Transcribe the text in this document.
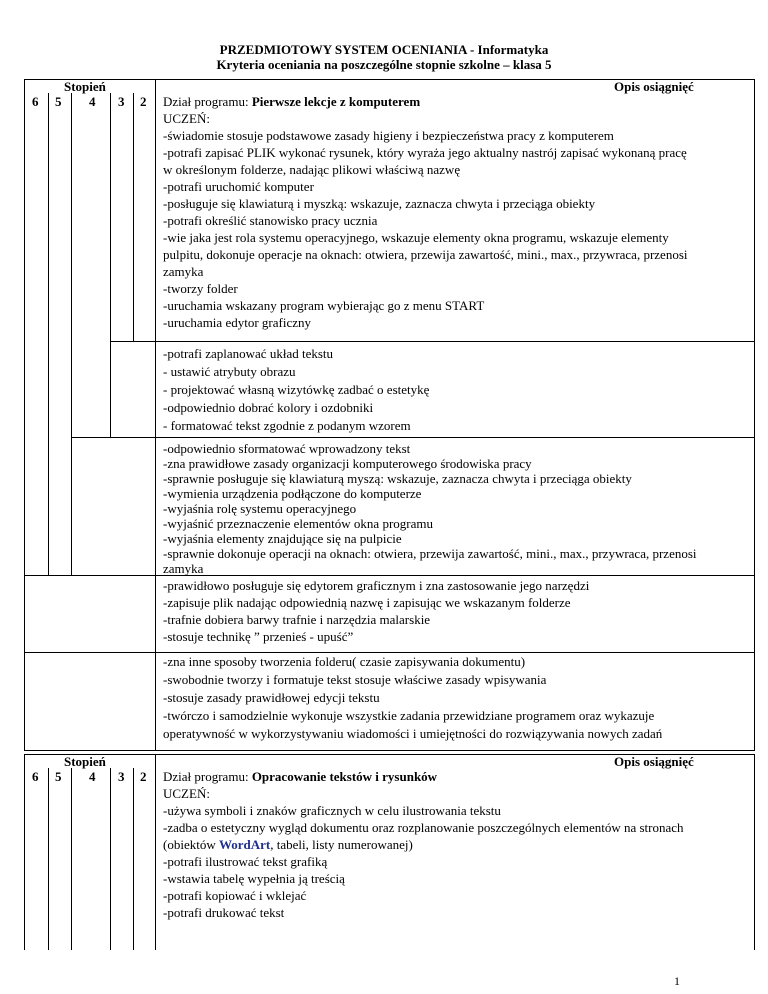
PRZEDMIOTOWY SYSTEM OCENIANIA - Informatyka
Kryteria oceniania na poszczególne stopnie szkolne – klasa 5
Stopień	Opis osiągnięć
6 5 4 3 2 Dział programu: Pierwsze lekcje z komputerem
UCZEŃ:
-świadomie stosuje podstawowe zasady higieny i bezpieczeństwa pracy z komputerem
-potrafi zapisać PLIK wykonać rysunek, który wyraża jego aktualny nastrój zapisać wykonaną pracę
w określonym folderze, nadając plikowi właściwą nazwę
-potrafi uruchomić komputer
-posługuje się klawiaturą i myszką: wskazuje, zaznacza chwyta i przeciąga obiekty
-potrafi określić stanowisko pracy ucznia
-wie jaka jest rola systemu operacyjnego, wskazuje elementy okna programu, wskazuje elementy
pulpitu, dokonuje operacje na oknach: otwiera, przewija zawartość, mini., max., przywraca, przenosi
zamyka
-tworzy folder
-uruchamia wskazany program wybierając go z menu START
-uruchamia edytor graficzny
-potrafi zaplanować układ tekstu
- ustawić atrybuty obrazu
- projektować własną wizytówkę zadbać o estetykę
-odpowiednio dobrać kolory i ozdobniki
- formatować tekst zgodnie z podanym wzorem
-odpowiednio sformatować wprowadzony tekst
-zna prawidłowe zasady organizacji komputerowego środowiska pracy
-sprawnie posługuje się klawiaturą myszą: wskazuje, zaznacza chwyta i przeciąga obiekty
-wymienia urządzenia podłączone do komputerze
-wyjaśnia rolę systemu operacyjnego
-wyjaśnić przeznaczenie elementów okna programu
-wyjaśnia elementy znajdujące się na pulpicie
-sprawnie dokonuje operacji na oknach: otwiera, przewija zawartość, mini., max., przywraca, przenosi
zamyka
-prawidłowo posługuje się edytorem graficznym i zna zastosowanie jego narzędzi
-zapisuje plik nadając odpowiednią nazwę i zapisując we wskazanym folderze
-trafnie dobiera barwy trafnie i narzędzia malarskie
-stosuje technikę ” przenieś - upuść”
-zna inne sposoby tworzenia folderu( czasie zapisywania dokumentu)
-swobodnie tworzy i formatuje tekst stosuje właściwe zasady wpisywania
-stosuje zasady prawidłowej edycji tekstu
-twórczo i samodzielnie wykonuje wszystkie zadania przewidziane programem oraz wykazuje
operatywność w wykorzystywaniu wiadomości i umiejętności do rozwiązywania nowych zadań
Stopień	Opis osiągnięć
6 5 4 3 2 Dział programu: Opracowanie tekstów i rysunków
UCZEŃ:
-używa symboli i znaków graficznych w celu ilustrowania tekstu
-zadba o estetyczny wygląd dokumentu oraz rozplanowanie poszczególnych elementów na stronach
(obiektów WordArt, tabeli, listy numerowanej)
-potrafi ilustrować tekst grafiką
-wstawia tabelę wypełnia ją treścią
-potrafi kopiować i wklejać
-potrafi drukować tekst
1
